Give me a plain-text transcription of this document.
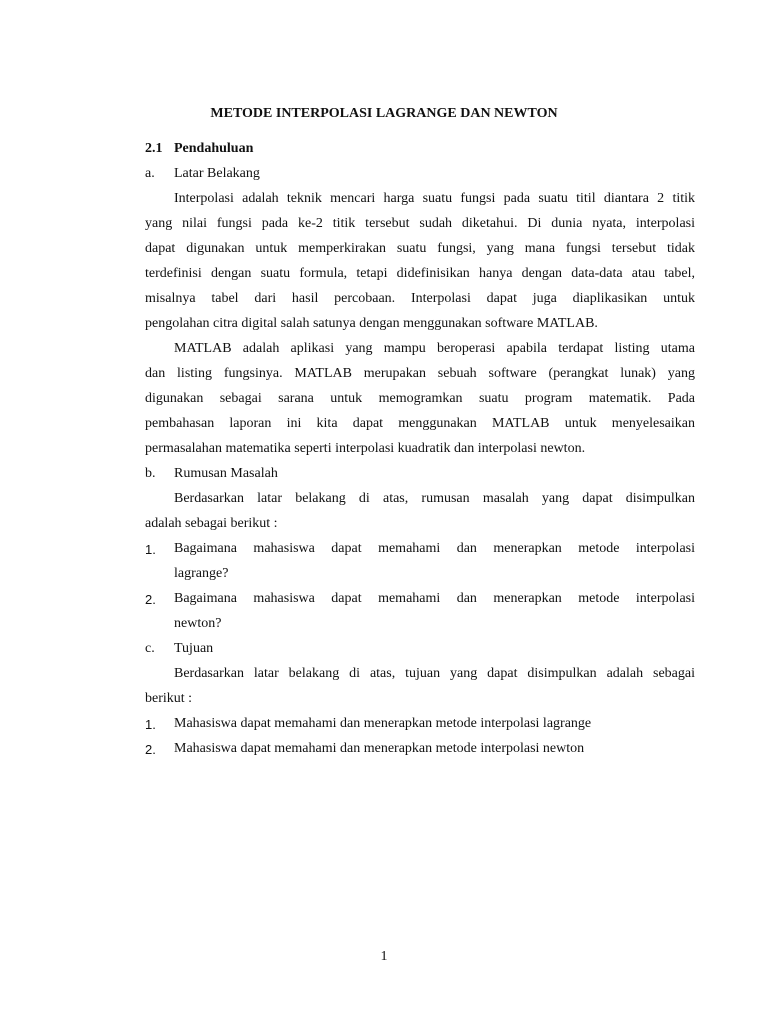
METODE INTERPOLASI LAGRANGE DAN NEWTON
2.1 Pendahuluan
a. Latar Belakang
Interpolasi adalah teknik mencari harga suatu fungsi pada suatu titil diantara 2 titik
yang nilai fungsi pada ke-2 titik tersebut sudah diketahui. Di dunia nyata, interpolasi
dapat digunakan untuk memperkirakan suatu fungsi, yang mana fungsi tersebut tidak
terdefinisi dengan suatu formula, tetapi didefinisikan hanya dengan data-data atau tabel,
misalnya tabel dari hasil percobaan. Interpolasi dapat juga diaplikasikan untuk
pengolahan citra digital salah satunya dengan menggunakan software MATLAB.
MATLAB adalah aplikasi yang mampu beroperasi apabila terdapat listing utama
dan listing fungsinya. MATLAB merupakan sebuah software (perangkat lunak) yang
digunakan sebagai sarana untuk memogramkan suatu program matematik. Pada
pembahasan laporan ini kita dapat menggunakan MATLAB untuk menyelesaikan
permasalahan matematika seperti interpolasi kuadratik dan interpolasi newton.
b. Rumusan Masalah
Berdasarkan latar belakang di atas, rumusan masalah yang dapat disimpulkan
adalah sebagai berikut :
1. Bagaimana mahasiswa dapat memahami dan menerapkan metode interpolasi
lagrange?
2. Bagaimana mahasiswa dapat memahami dan menerapkan metode interpolasi
newton?
c. Tujuan
Berdasarkan latar belakang di atas, tujuan yang dapat disimpulkan adalah sebagai
berikut :
1. Mahasiswa dapat memahami dan menerapkan metode interpolasi lagrange
2. Mahasiswa dapat memahami dan menerapkan metode interpolasi newton
1
